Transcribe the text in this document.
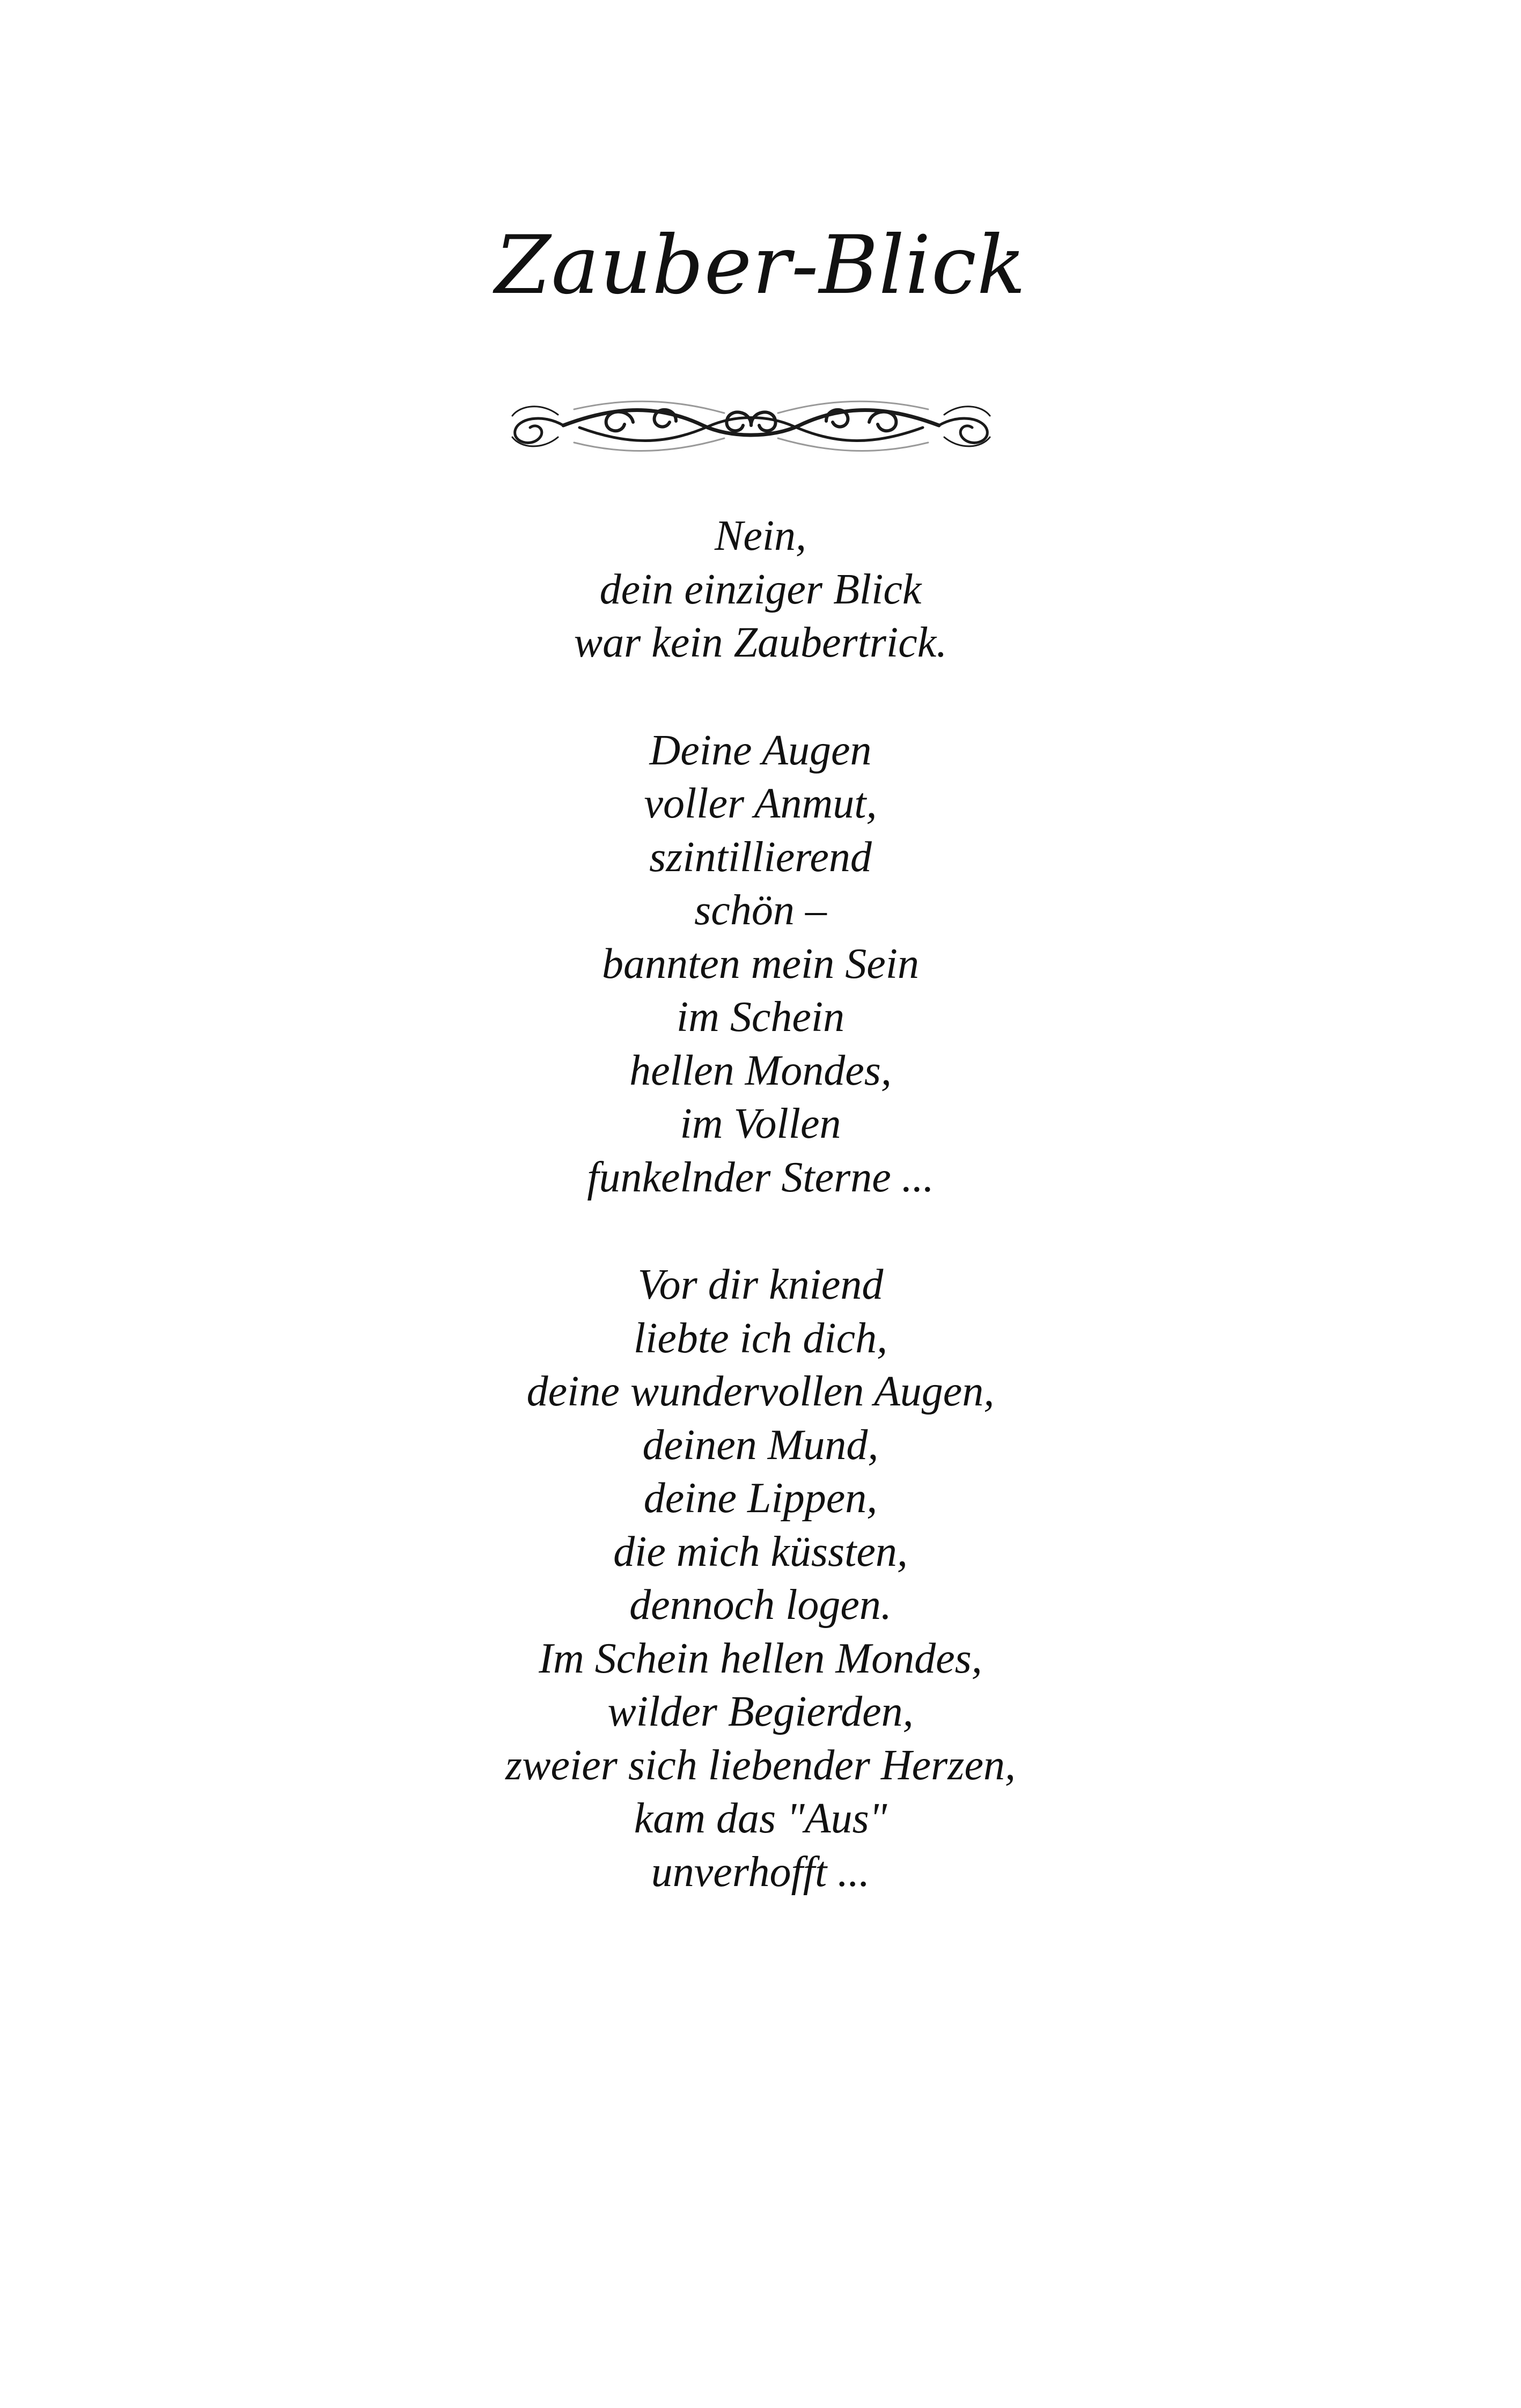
Zauber-Blick
Nein,
dein einziger Blick
war kein Zaubertrick.
Deine Augen
voller Anmut,
szintillierend
schön –
bannten mein Sein
im Schein
hellen Mondes,
im Vollen
funkelnder Sterne ...
Vor dir kniend
liebte ich dich,
deine wundervollen Augen,
deinen Mund,
deine Lippen,
die mich küssten,
dennoch logen.
Im Schein hellen Mondes,
wilder Begierden,
zweier sich liebender Herzen,
kam das "Aus"
unverhofft ...
